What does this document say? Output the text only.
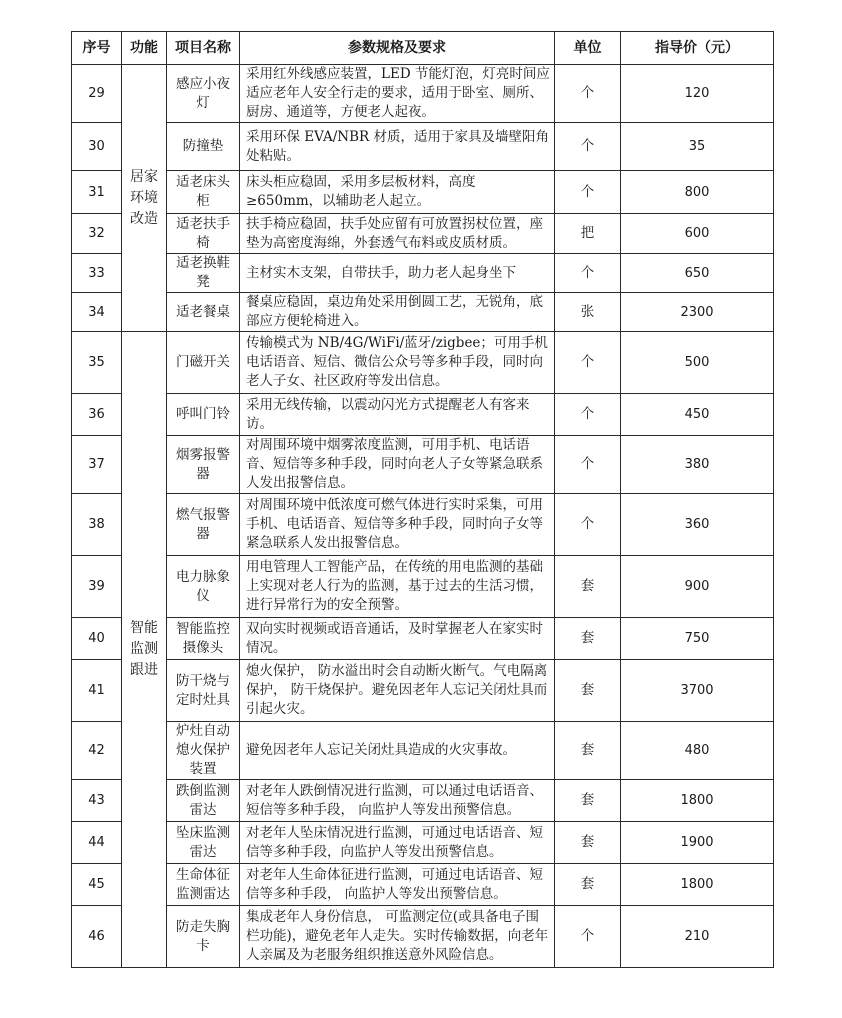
序号	功能	项目名称	参数规格及要求	单位	指导价（元）
29	居家环境改造	感应小夜灯	采用红外线感应装置，LED 节能灯泡，灯亮时间应适应老年人安全行走的要求，适用于卧室、厕所、厨房、通道等，方便老人起夜。	个	120
30		防撞垫	采用环保 EVA/NBR 材质，适用于家具及墙壁阳角处粘贴。	个	35
31		适老床头柜	床头柜应稳固，采用多层板材料，高度≥650mm，以辅助老人起立。	个	800
32		适老扶手椅	扶手椅应稳固，扶手处应留有可放置拐杖位置，座垫为高密度海绵，外套透气布料或皮质材质。	把	600
33		适老换鞋凳	主材实木支架，自带扶手，助力老人起身坐下	个	650
34		适老餐桌	餐桌应稳固，桌边角处采用倒圆工艺，无锐角，底部应方便轮椅进入。	张	2300
35	智能监测跟进	门磁开关	传输模式为 NB/4G/WiFi/蓝牙/zigbee；可用手机电话语音、短信、微信公众号等多种手段，同时向老人子女、社区政府等发出信息。	个	500
36		呼叫门铃	采用无线传输，以震动闪光方式提醒老人有客来访。	个	450
37		烟雾报警器	对周围环境中烟雾浓度监测，可用手机、电话语音、短信等多种手段，同时向老人子女等紧急联系人发出报警信息。	个	380
38		燃气报警器	对周围环境中低浓度可燃气体进行实时采集，可用手机、电话语音、短信等多种手段，同时向子女等紧急联系人发出报警信息。	个	360
39		电力脉象仪	用电管理人工智能产品，在传统的用电监测的基础上实现对老人行为的监测，基于过去的生活习惯，进行异常行为的安全预警。	套	900
40		智能监控摄像头	双向实时视频或语音通话，及时掌握老人在家实时情况。	套	750
41		防干烧与定时灶具	熄火保护， 防水溢出时会自动断火断气。气电隔离保护， 防干烧保护。避免因老年人忘记关闭灶具而引起火灾。	套	3700
42		炉灶自动熄火保护装置	避免因老年人忘记关闭灶具造成的火灾事故。	套	480
43		跌倒监测雷达	对老年人跌倒情况进行监测，可以通过电话语音、短信等多种手段， 向监护人等发出预警信息。	套	1800
44		坠床监测雷达	对老年人坠床情况进行监测，可通过电话语音、短信等多种手段，向监护人等发出预警信息。	套	1900
45		生命体征监测雷达	对老年人生命体征进行监测，可通过电话语音、短信等多种手段， 向监护人等发出预警信息。	套	1800
46		防走失胸卡	集成老年人身份信息， 可监测定位(或具备电子围栏功能)，避免老年人走失。实时传输数据，向老年人亲属及为老服务组织推送意外风险信息。	个	210
